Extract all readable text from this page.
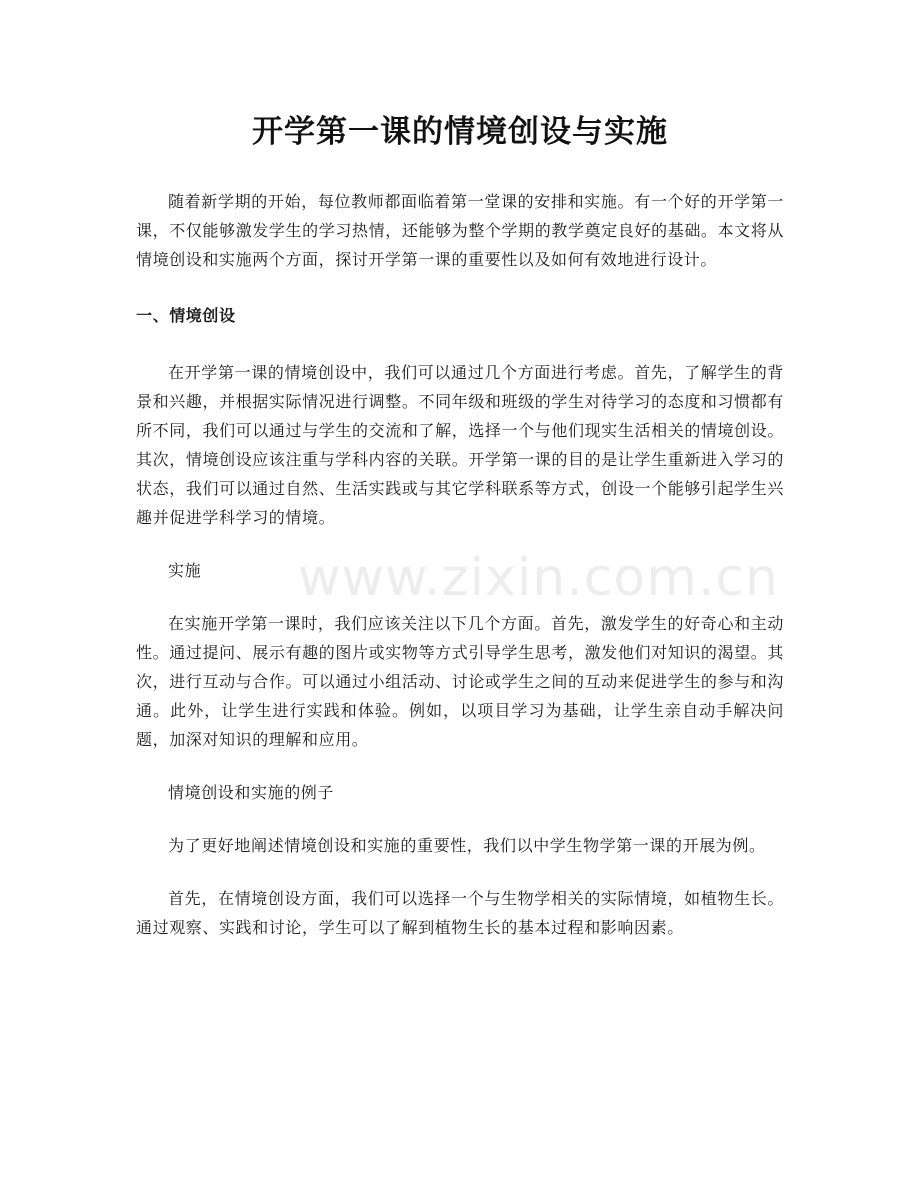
开学第一课的情境创设与实施

随着新学期的开始，每位教师都面临着第一堂课的安排和实施。有一个好的开学第一课，不仅能够激发学生的学习热情，还能够为整个学期的教学奠定良好的基础。本文将从情境创设和实施两个方面，探讨开学第一课的重要性以及如何有效地进行设计。

一、情境创设

在开学第一课的情境创设中，我们可以通过几个方面进行考虑。首先，了解学生的背景和兴趣，并根据实际情况进行调整。不同年级和班级的学生对待学习的态度和习惯都有所不同，我们可以通过与学生的交流和了解，选择一个与他们现实生活相关的情境创设。其次，情境创设应该注重与学科内容的关联。开学第一课的目的是让学生重新进入学习的状态，我们可以通过自然、生活实践或与其它学科联系等方式，创设一个能够引起学生兴趣并促进学科学习的情境。

实施

在实施开学第一课时，我们应该关注以下几个方面。首先，激发学生的好奇心和主动性。通过提问、展示有趣的图片或实物等方式引导学生思考，激发他们对知识的渴望。其次，进行互动与合作。可以通过小组活动、讨论或学生之间的互动来促进学生的参与和沟通。此外，让学生进行实践和体验。例如，以项目学习为基础，让学生亲自动手解决问题，加深对知识的理解和应用。

情境创设和实施的例子

为了更好地阐述情境创设和实施的重要性，我们以中学生物学第一课的开展为例。

首先，在情境创设方面，我们可以选择一个与生物学相关的实际情境，如植物生长。通过观察、实践和讨论，学生可以了解到植物生长的基本过程和影响因素。

www.zixin.com.cn
